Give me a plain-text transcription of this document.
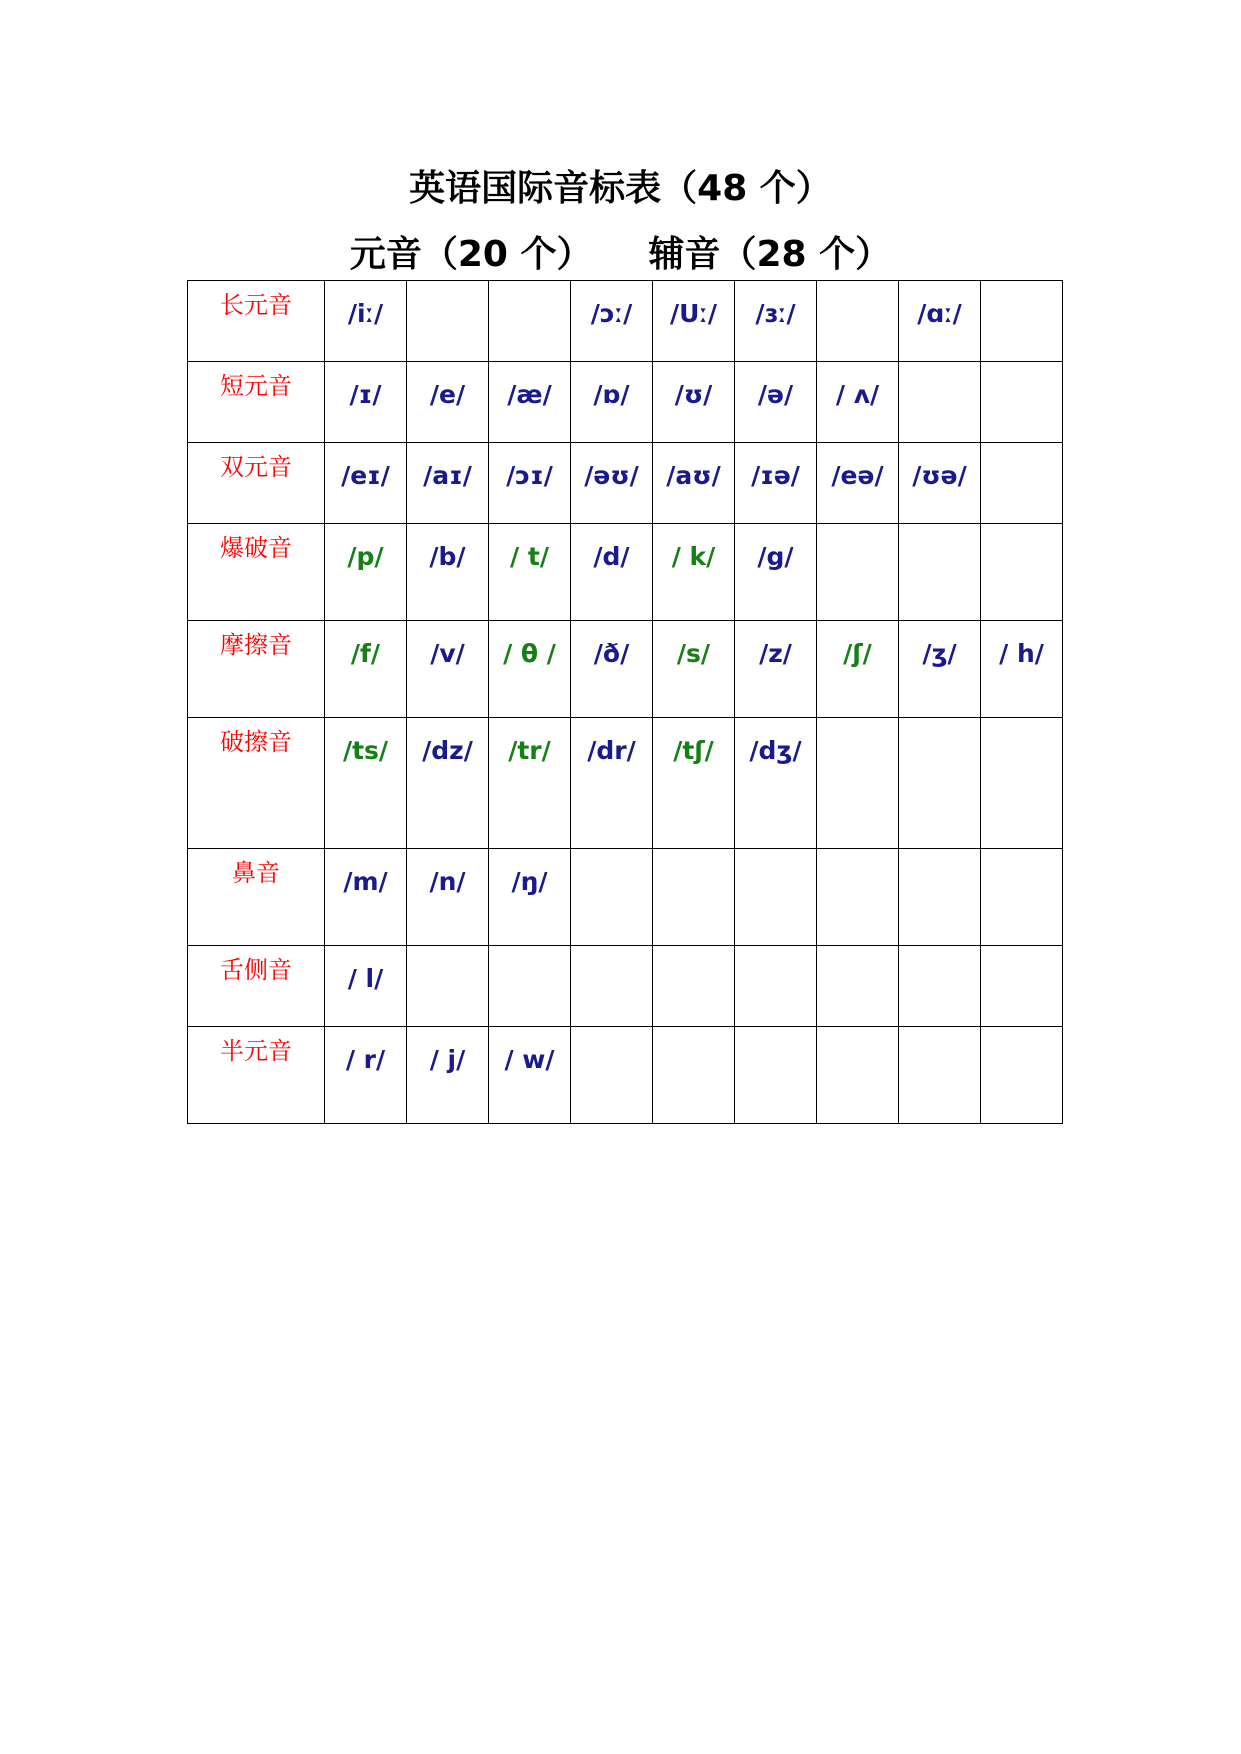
英语国际音标表（48 个）
元音（20 个） 辅音（28 个）
长元音	/iː/			/ɔː/	/Uː/	/ɜː/		/ɑː/	
短元音	/ɪ/	/e/	/æ/	/ɒ/	/ʊ/	/ə/	/ ʌ/		
双元音	/eɪ/	/aɪ/	/ɔɪ/	/əʊ/	/aʊ/	/ɪə/	/eə/	/ʊə/	
爆破音	/p/	/b/	/ t/	/d/	/ k/	/g/			
摩擦音	/f/	/v/	/ θ /	/ð/	/s/	/z/	/ʃ/	/ʒ/	/ h/
破擦音	/ts/	/dz/	/tr/	/dr/	/tʃ/	/dʒ/			
鼻音	/m/	/n/	/ŋ/						
舌侧音	/ l/								
半元音	/ r/	/ j/	/ w/						
